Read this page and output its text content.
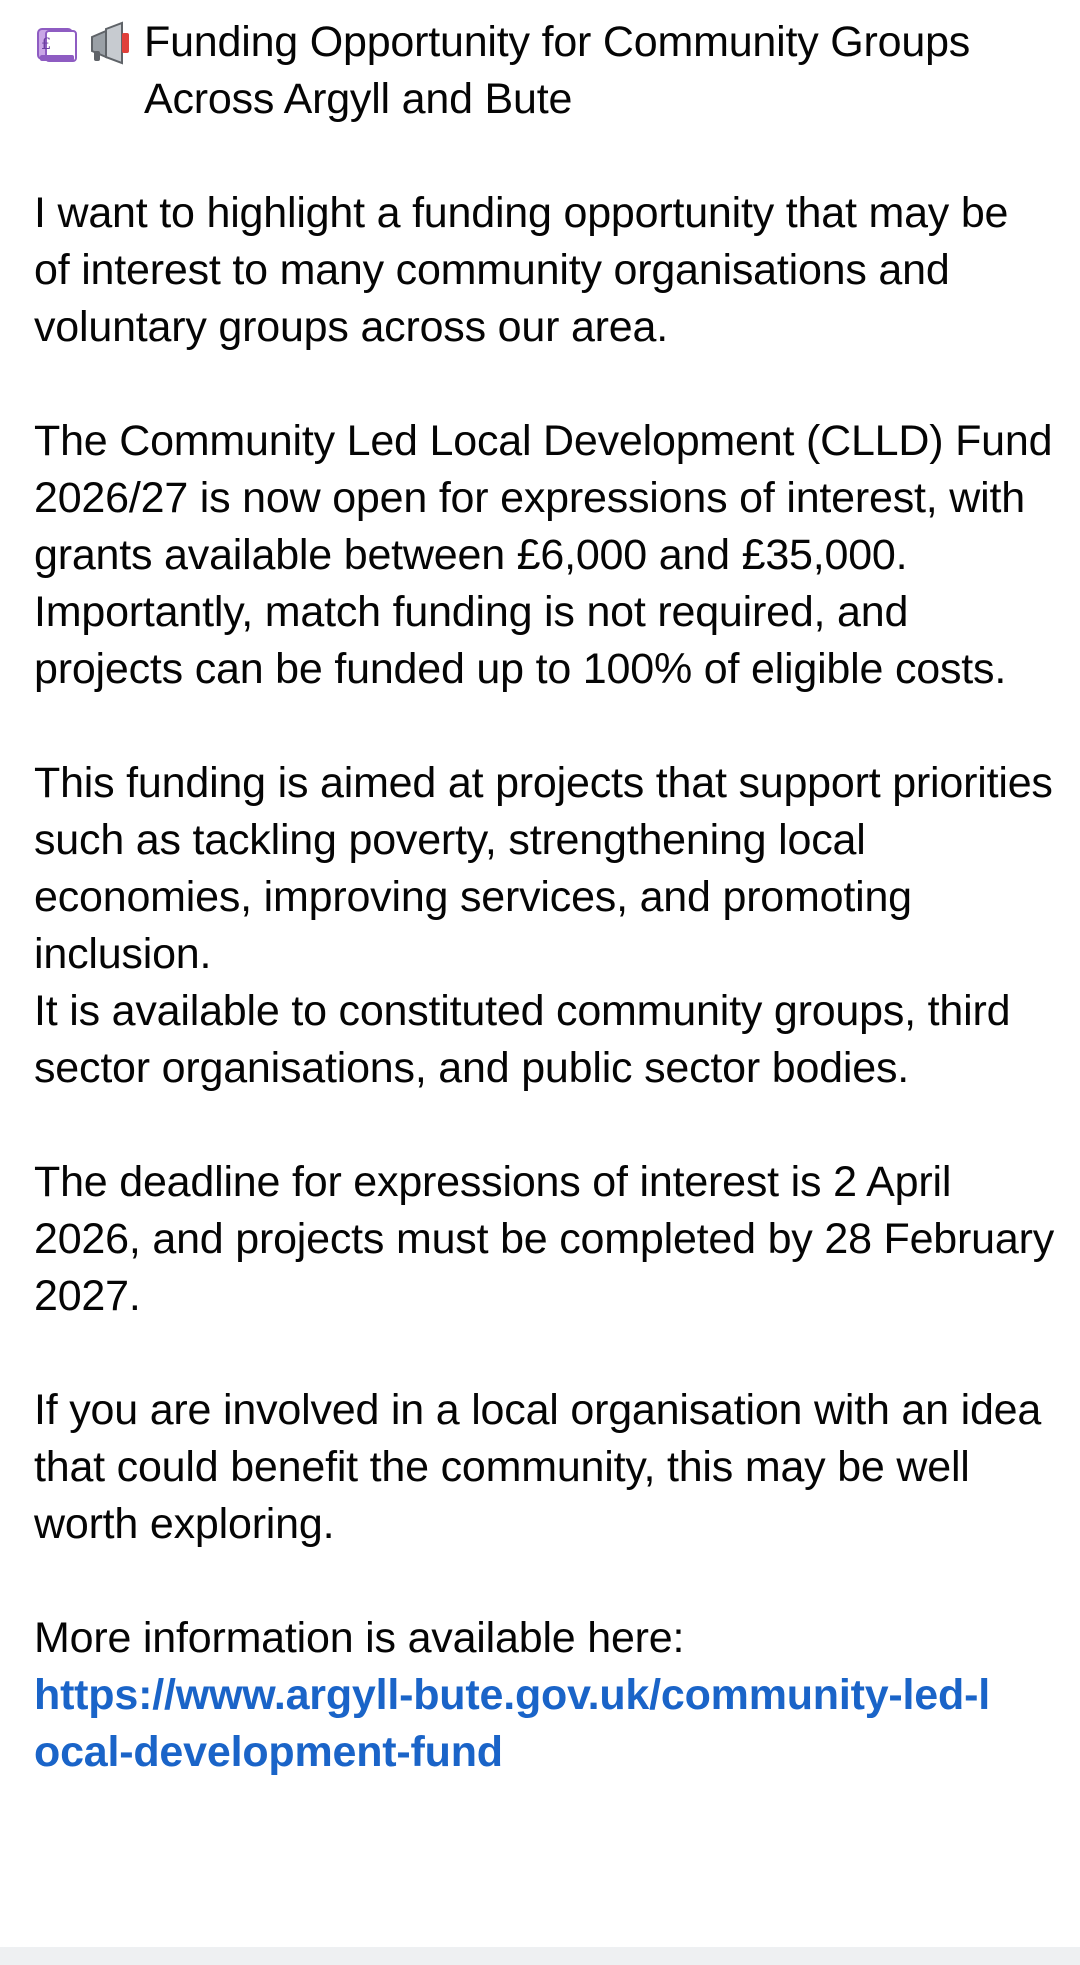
£ Funding Opportunity for Community Groups Across Argyll and Bute

I want to highlight a funding opportunity that may be of interest to many community organisations and voluntary groups across our area.

The Community Led Local Development (CLLD) Fund 2026/27 is now open for expressions of interest, with grants available between £6,000 and £35,000.
Importantly, match funding is not required, and projects can be funded up to 100% of eligible costs.

This funding is aimed at projects that support priorities such as tackling poverty, strengthening local economies, improving services, and promoting inclusion.
It is available to constituted community groups, third sector organisations, and public sector bodies.

The deadline for expressions of interest is 2 April 2026, and projects must be completed by 28 February 2027.

If you are involved in a local organisation with an idea that could benefit the community, this may be well worth exploring.

More information is available here:

https://www.argyll-bute.gov.uk/community-led-local-development-fund
